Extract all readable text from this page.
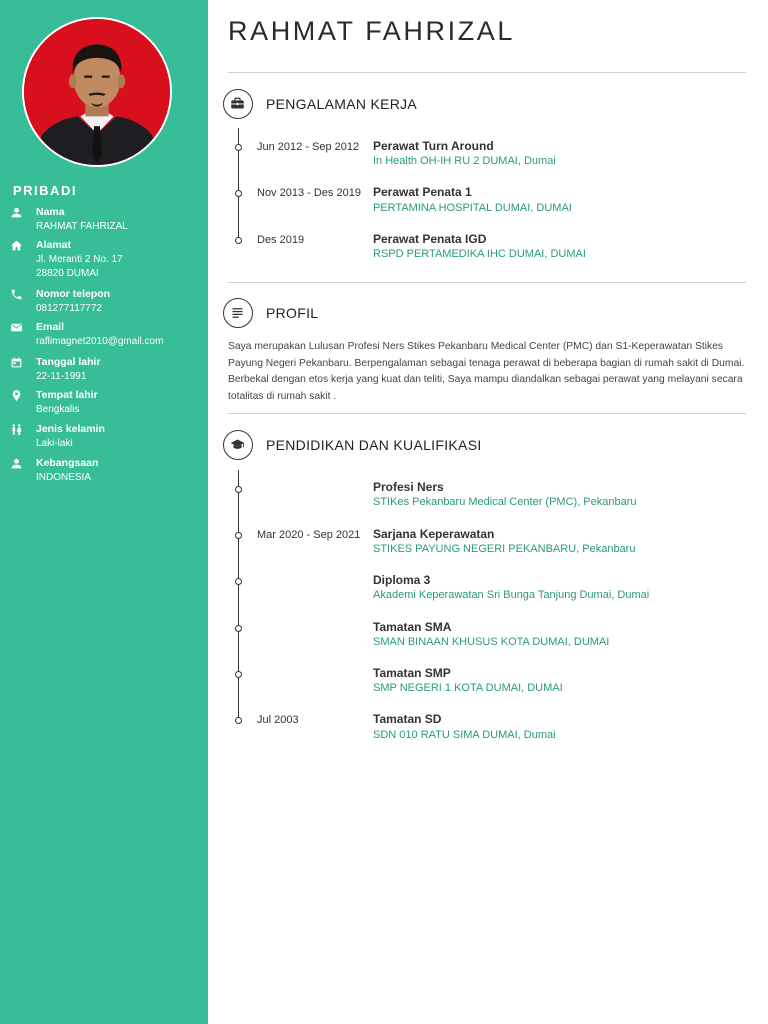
PRIBADI
Nama
RAHMAT FAHRIZAL
Alamat
Jl. Meranti 2 No. 17
28820 DUMAI
Nomor telepon
081277117772
Email
raflimagnet2010@gmail.com
Tanggal lahir
22-11-1991
Tempat lahir
Bengkalis
Jenis kelamin
Laki-laki
Kebangsaan
INDONESIA
RAHMAT FAHRIZAL
PENGALAMAN KERJA
Jun 2012 - Sep 2012 Perawat Turn Around
In Health OH-IH RU 2 DUMAI, Dumai
Nov 2013 - Des 2019 Perawat Penata 1
PERTAMINA HOSPITAL DUMAI, DUMAI
Des 2019	Perawat Penata IGD
RSPD PERTAMEDIKA IHC DUMAI, DUMAI
PROFIL
Saya merupakan Lulusan Profesi Ners Stikes Pekanbaru Medical Center (PMC) dan S1-Keperawatan Stikes Payung Negeri Pekanbaru. Berpengalaman sebagai tenaga perawat di beberapa bagian di rumah sakit di Dumai. Berbekal dengan etos kerja yang kuat dan teliti, Saya mampu diandalkan sebagai perawat yang melayani secara totalitas di rumah sakit .
PENDIDIKAN DAN KUALIFIKASI
Profesi Ners
STIKes Pekanbaru Medical Center (PMC), Pekanbaru
Mar 2020 - Sep 2021 Sarjana Keperawatan
STIKES PAYUNG NEGERI PEKANBARU, Pekanbaru
Diploma 3
Akademi Keperawatan Sri Bunga Tanjung Dumai, Dumai
Tamatan SMA
SMAN BINAAN KHUSUS KOTA DUMAI, DUMAI
Tamatan SMP
SMP NEGERI 1 KOTA DUMAI, DUMAI
Jul 2003	Tamatan SD
SDN 010 RATU SIMA DUMAI, Dumai
